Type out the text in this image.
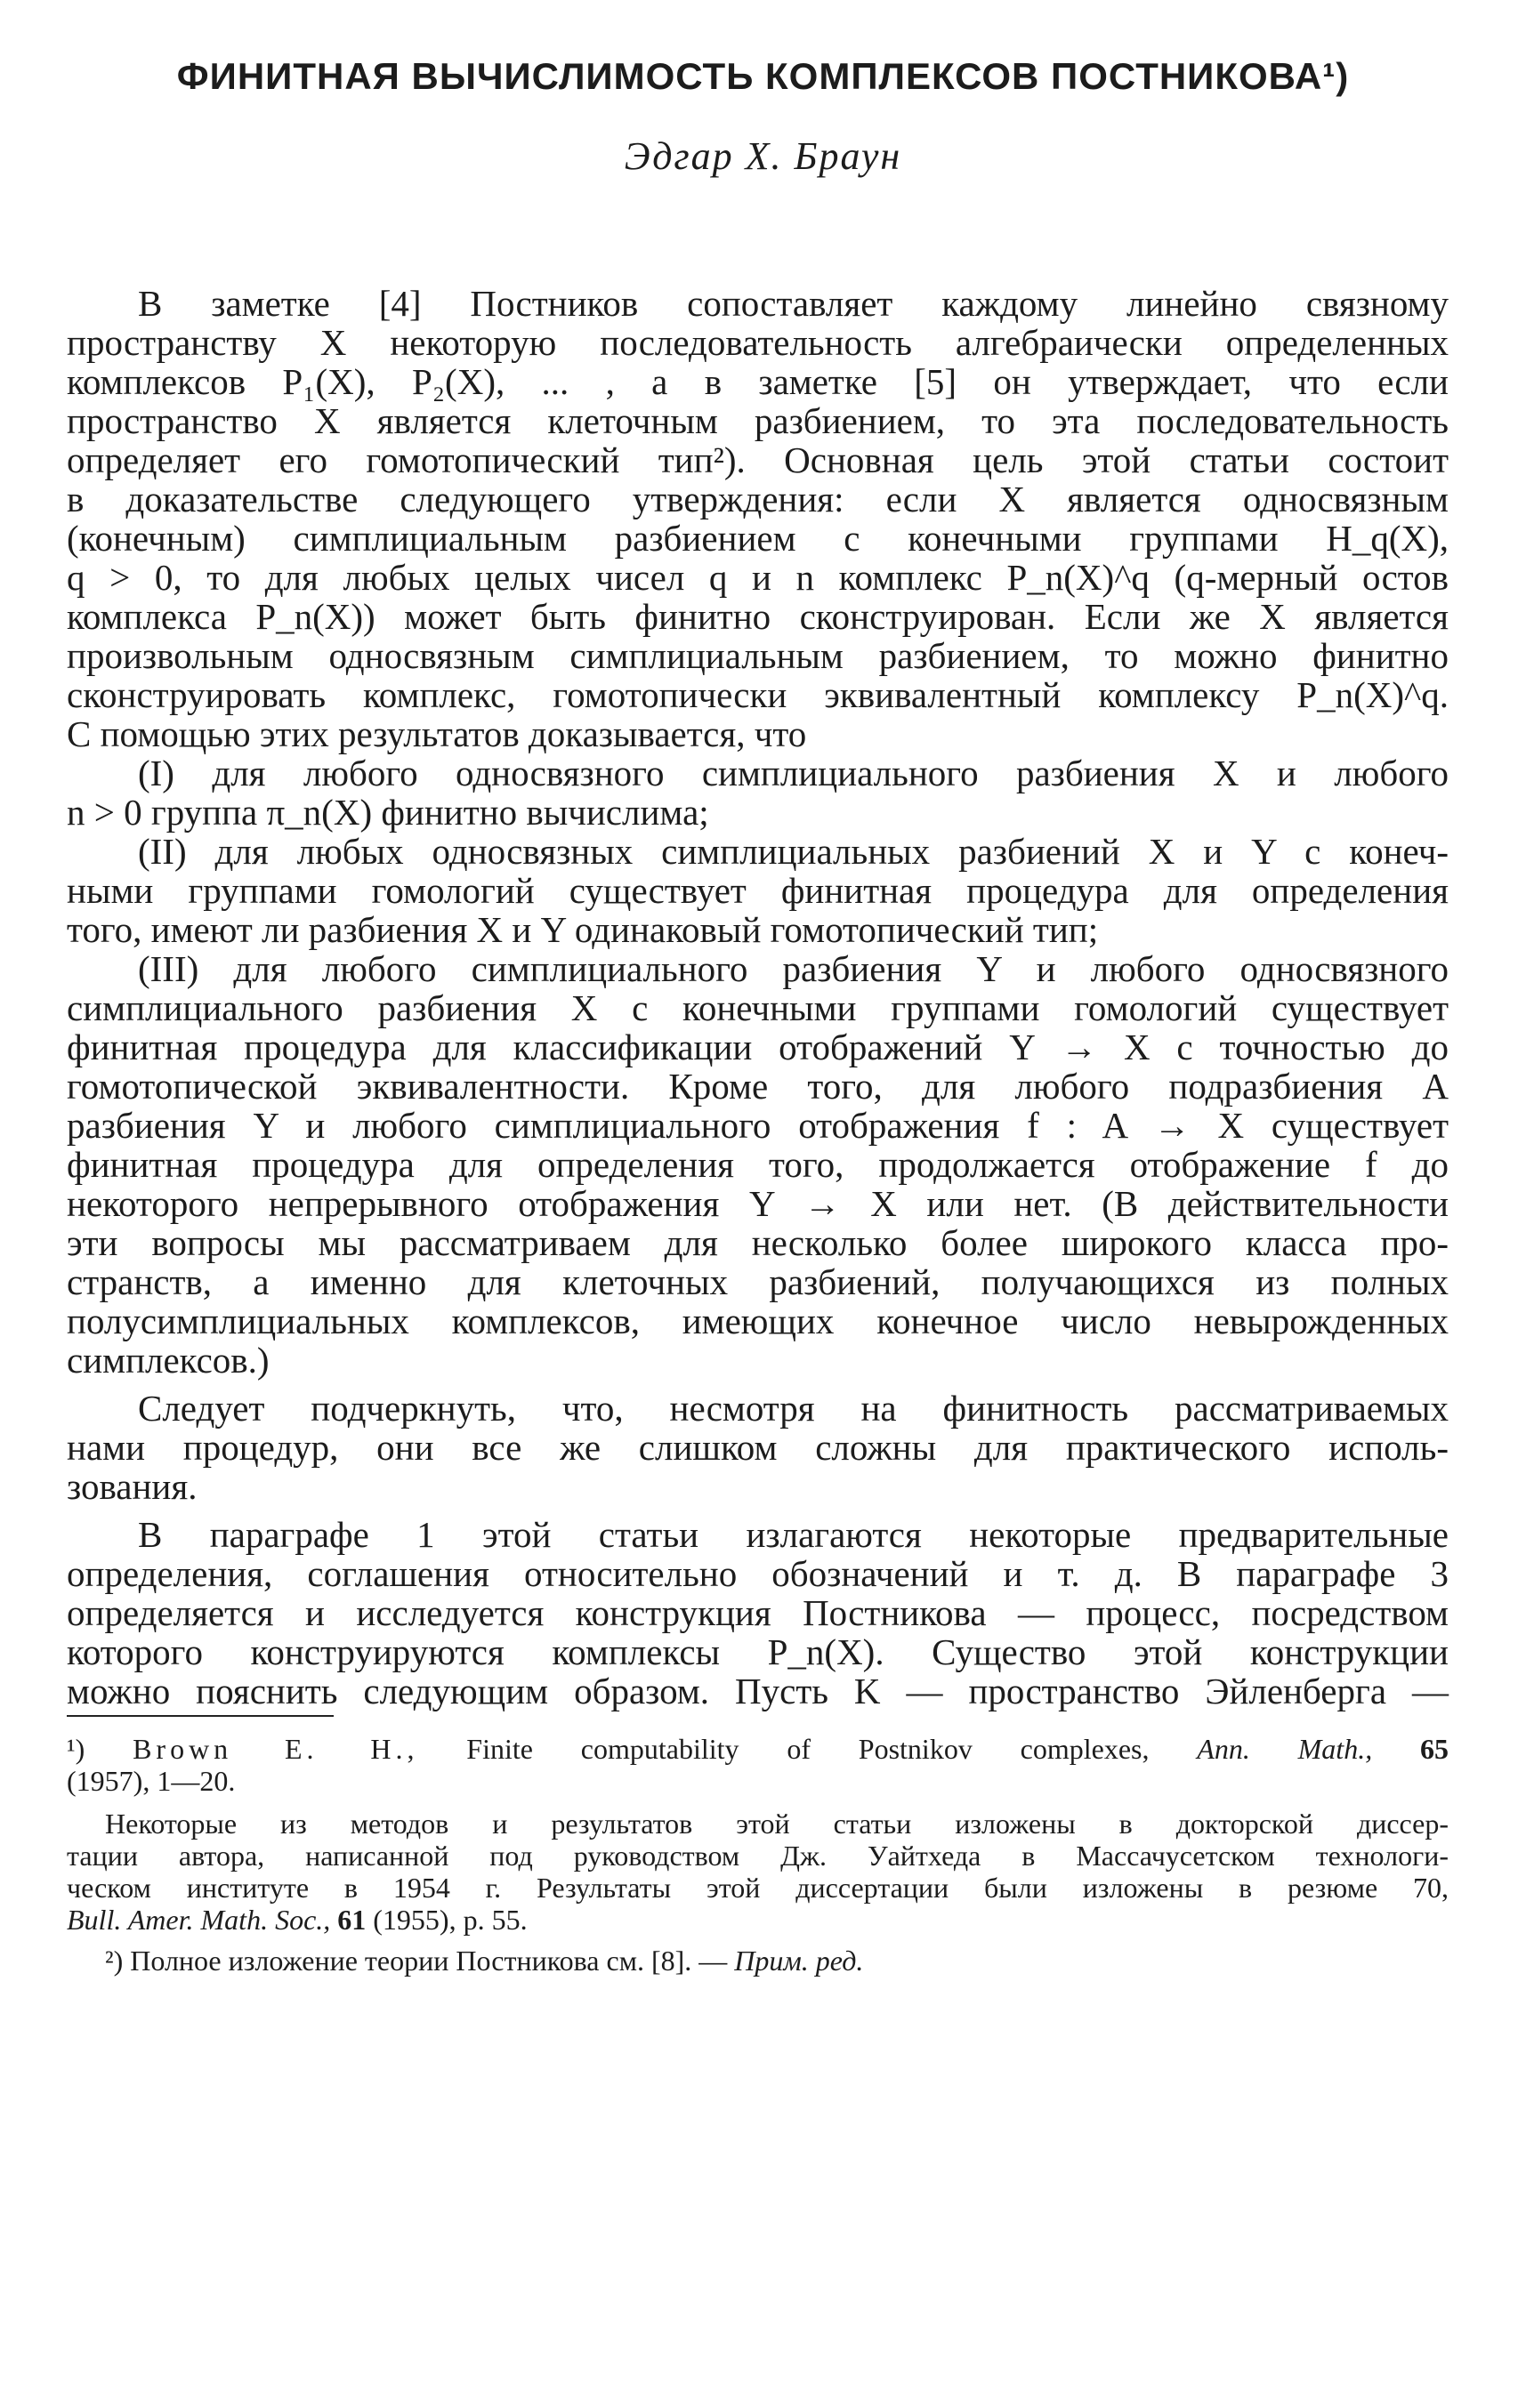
ФИНИТНАЯ ВЫЧИСЛИМОСТЬ КОМПЛЕКСОВ ПОСТНИКОВА¹)
Эдгар Х. Браун
В заметке [4] Постников сопоставляет каждому линейно связному
пространству X некоторую последовательность алгебраически определенных
комплексов P₁(X), P₂(X), ... , а в заметке [5] он утверждает, что если
пространство X является клеточным разбиением, то эта последовательность
определяет его гомотопический тип²). Основная цель этой статьи состоит
в доказательстве следующего утверждения: если X является односвязным
(конечным) симплициальным разбиением с конечными группами H_q(X),
q > 0, то для любых целых чисел q и n комплекс P_n(X)^q (q-мерный остов
комплекса P_n(X)) может быть финитно сконструирован. Если же X является
произвольным односвязным симплициальным разбиением, то можно финитно
сконструировать комплекс, гомотопически эквивалентный комплексу P_n(X)^q.
С помощью этих результатов доказывается, что
(I) для любого односвязного симплициального разбиения X и любого
n > 0 группа π_n(X) финитно вычислима;
(II) для любых односвязных симплициальных разбиений X и Y с конеч-
ными группами гомологий существует финитная процедура для определения
того, имеют ли разбиения X и Y одинаковый гомотопический тип;
(III) для любого симплициального разбиения Y и любого односвязного
симплициального разбиения X с конечными группами гомологий существует
финитная процедура для классификации отображений Y → X с точностью до
гомотопической эквивалентности. Кроме того, для любого подразбиения A
разбиения Y и любого симплициального отображения f : A → X существует
финитная процедура для определения того, продолжается отображение f до
некоторого непрерывного отображения Y → X или нет. (В действительности
эти вопросы мы рассматриваем для несколько более широкого класса про-
странств, а именно для клеточных разбиений, получающихся из полных
полусимплициальных комплексов, имеющих конечное число невырожденных
симплексов.)
Следует подчеркнуть, что, несмотря на финитность рассматриваемых
нами процедур, они все же слишком сложны для практического исполь-
зования.
В параграфе 1 этой статьи излагаются некоторые предварительные
определения, соглашения относительно обозначений и т. д. В параграфе 3
определяется и исследуется конструкция Постникова — процесс, посредством
которого конструируются комплексы P_n(X). Существо этой конструкции
можно пояснить следующим образом. Пусть K — пространство Эйленберга —
¹) Brown E. H., Finite computability of Postnikov complexes, Ann. Math., 65
(1957), 1—20.
Некоторые из методов и результатов этой статьи изложены в докторской диссер-
тации автора, написанной под руководством Дж. Уайтхеда в Массачусетском технологи-
ческом институте в 1954 г. Результаты этой диссертации были изложены в резюме 70,
Bull. Amer. Math. Soc., 61 (1955), p. 55.
²) Полное изложение теории Постникова см. [8]. — Прим. ред.
